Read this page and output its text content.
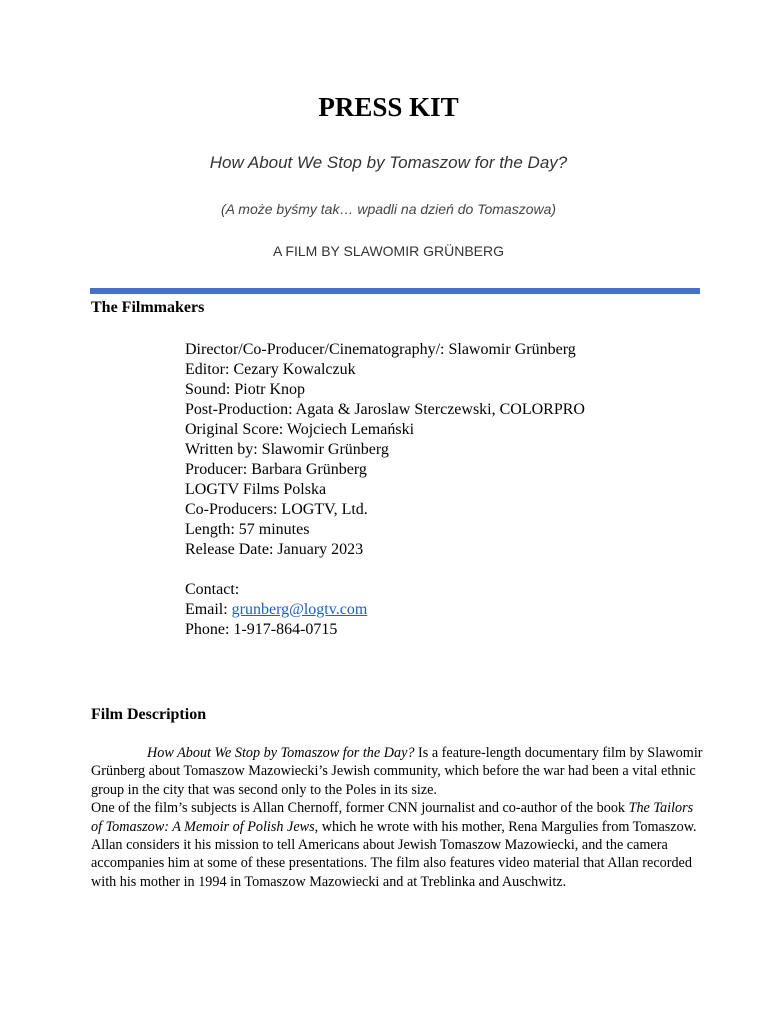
PRESS KIT
How About We Stop by Tomaszow for the Day?
(A może byśmy tak… wpadli na dzień do Tomaszowa)
A FILM BY SLAWOMIR GRÜNBERG
The Filmmakers
Director/Co-Producer/Cinematography/: Slawomir Grünberg
Editor: Cezary Kowalczuk
Sound: Piotr Knop
Post-Production: Agata & Jaroslaw Sterczewski, COLORPRO
Original Score: Wojciech Lemański
Written by: Slawomir Grünberg
Producer: Barbara Grünberg
LOGTV Films Polska
Co-Producers: LOGTV, Ltd.
Length: 57 minutes
Release Date: January 2023
Contact:
Email: grunberg@logtv.com
Phone: 1-917-864-0715
Film Description

How About We Stop by Tomaszow for the Day? Is a feature-length documentary film by Slawomir Grünberg about Tomaszow Mazowiecki’s Jewish community, which before the war had been a vital ethnic group in the city that was second only to the Poles in its size.

One of the film’s subjects is Allan Chernoff, former CNN journalist and co-author of the book The Tailors of Tomaszow: A Memoir of Polish Jews, which he wrote with his mother, Rena Margulies from Tomaszow. Allan considers it his mission to tell Americans about Jewish Tomaszow Mazowiecki, and the camera accompanies him at some of these presentations. The film also features video material that Allan recorded with his mother in 1994 in Tomaszow Mazowiecki and at Treblinka and Auschwitz.
